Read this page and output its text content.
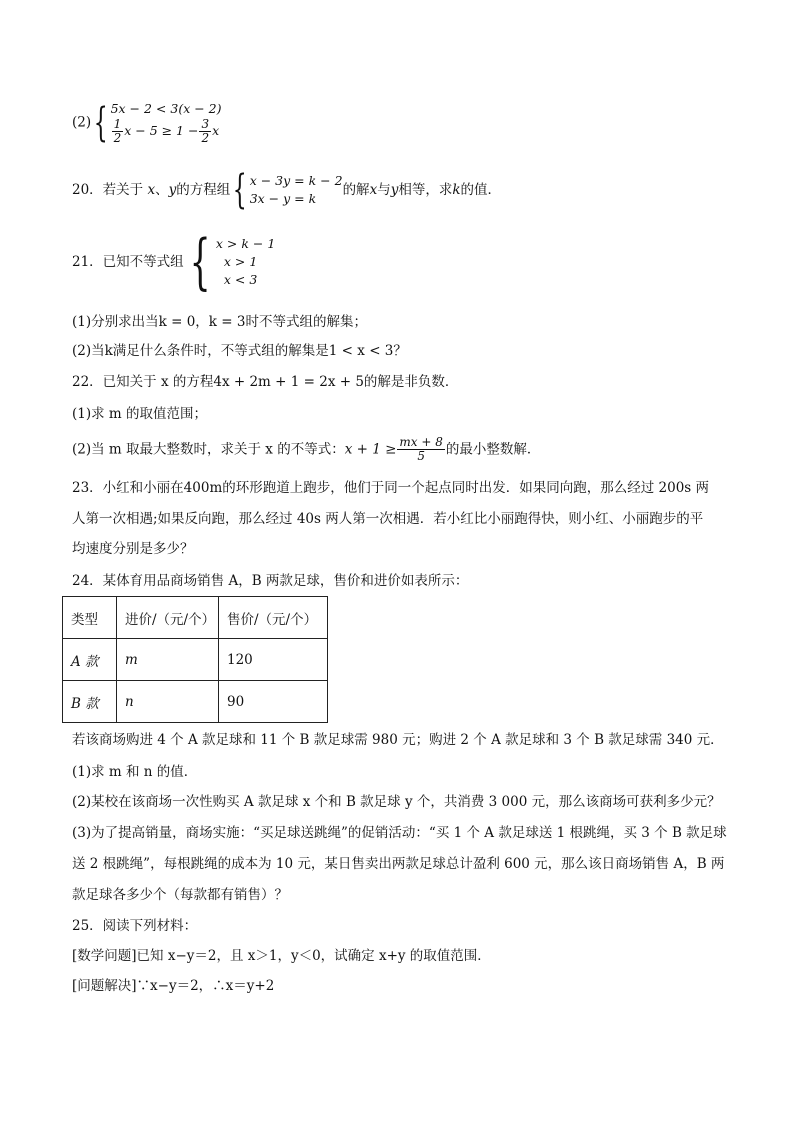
(2){ 5x − 2 < 3(x − 2)
$\frac{1}{2}$ $x - 5 \ge 1 - \frac{3}{2}$ x
20．若关于 x、y的方程组{ x − 3y = k − 2
3x − y = k
的解x与y相等，求k的值．
21．已知不等式组{ x > k − 1
x > 1
x < 3
(1)分别求出当k = 0，k = 3时不等式组的解集；
(2)当k满足什么条件时，不等式组的解集是1 < x < 3？
22．已知关于 x 的方程4x + 2m + 1 = 2x + 5的解是非负数．
(1)求 m 的取值范围；
(2)当 m 取最大整数时，求关于 x 的不等式：$x + 1 \ge \frac{mx + 8}{5}$ 的最小整数解．
23．小红和小丽在400m的环形跑道上跑步，他们于同一个起点同时出发．如果同向跑，那么经过 200s 两
人第一次相遇;如果反向跑，那么经过 40s 两人第一次相遇．若小红比小丽跑得快，则小红、小丽跑步的平
均速度分别是多少？
24．某体育用品商场销售 A，B 两款足球，售价和进价如表所示：
类型	进价/（元/个）	售价/（元/个）
A 款	m	120
B 款	n	90
若该商场购进 4 个 A 款足球和 11 个 B 款足球需 980 元；购进 2 个 A 款足球和 3 个 B 款足球需 340 元．
(1)求 m 和 n 的值．
(2)某校在该商场一次性购买 A 款足球 x 个和 B 款足球 y 个，共消费 3 000 元，那么该商场可获利多少元？
(3)为了提高销量，商场实施：“买足球送跳绳”的促销活动：“买 1 个 A 款足球送 1 根跳绳，买 3 个 B 款足球
送 2 根跳绳”，每根跳绳的成本为 10 元，某日售卖出两款足球总计盈利 600 元，那么该日商场销售 A，B 两
款足球各多少个（每款都有销售）？
25．阅读下列材料：
[数学问题]已知 x−y＝2，且 x＞1，y＜0，试确定 x+y 的取值范围．
[问题解决]∵x−y＝2，∴x＝y+2
